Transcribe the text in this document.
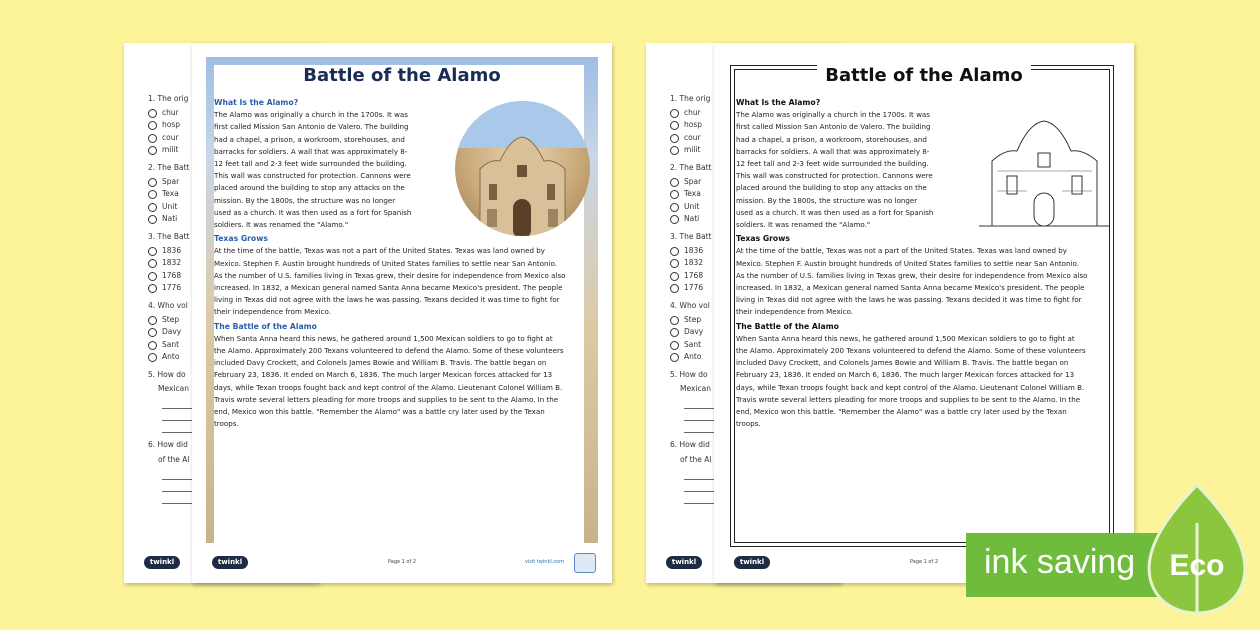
1. The orig
chur
hosp
cour
milit
2. The Batt
Spar
Texa
Unit
Nati
3. The Batt
1836
1832
1768
1776
4. Who vol
Step
Davy
Sant
Anto
5. How do
Mexican
6. How did
of the Al
twinkl
Battle of the Alamo
What Is the Alamo?

The Alamo was originally a church in the 1700s. It was first called Mission San Antonio de Valero. The building had a chapel, a prison, a workroom, storehouses, and barracks for soldiers. A wall that was approximately 8-12 feet tall and 2-3 feet wide surrounded the building. This wall was constructed for protection. Cannons were placed around the building to stop any attacks on the mission. By the 1800s, the structure was no longer used as a church. It was then used as a fort for Spanish soldiers. It was renamed the "Alamo."

Texas Grows

At the time of the battle, Texas was not a part of the United States. Texas was land owned by Mexico. Stephen F. Austin brought hundreds of United States families to settle near San Antonio. As the number of U.S. families living in Texas grew, their desire for independence from Mexico also increased. In 1832, a Mexican general named Santa Anna became Mexico's president. The people living in Texas did not agree with the laws he was passing. Texans decided it was time to fight for their independence from Mexico.

The Battle of the Alamo

When Santa Anna heard this news, he gathered around 1,500 Mexican soldiers to go to fight at the Alamo. Approximately 200 Texans volunteered to defend the Alamo. Some of these volunteers included Davy Crockett, and Colonels James Bowie and William B. Travis. The battle began on February 23, 1836. It ended on March 6, 1836. The much larger Mexican forces attacked for 13 days, while Texan troops fought back and kept control of the Alamo. Lieutenant Colonel William B. Travis wrote several letters pleading for more troops and supplies to be sent to the Alamo. In the end, Mexico won this battle. "Remember the Alamo" was a battle cry later used by the Texan troops.

twinkl	Page 1 of 2	visit twinkl.com
1. The orig
chur
hosp
cour
milit
2. The Batt
Spar
Texa
Unit
Nati
3. The Batt
1836
1832
1768
1776
4. Who vol
Step
Davy
Sant
Anto
5. How do
Mexican
6. How did
of the Al
twinkl
Battle of the Alamo
What Is the Alamo?

The Alamo was originally a church in the 1700s. It was first called Mission San Antonio de Valero. The building had a chapel, a prison, a workroom, storehouses, and barracks for soldiers. A wall that was approximately 8-12 feet tall and 2-3 feet wide surrounded the building. This wall was constructed for protection. Cannons were placed around the building to stop any attacks on the mission. By the 1800s, the structure was no longer used as a church. It was then used as a fort for Spanish soldiers. It was renamed the "Alamo."

Texas Grows

At the time of the battle, Texas was not a part of the United States. Texas was land owned by Mexico. Stephen F. Austin brought hundreds of United States families to settle near San Antonio. As the number of U.S. families living in Texas grew, their desire for independence from Mexico also increased. In 1832, a Mexican general named Santa Anna became Mexico's president. The people living in Texas did not agree with the laws he was passing. Texans decided it was time to fight for their independence from Mexico.

The Battle of the Alamo

When Santa Anna heard this news, he gathered around 1,500 Mexican soldiers to go to fight at the Alamo. Approximately 200 Texans volunteered to defend the Alamo. Some of these volunteers included Davy Crockett, and Colonels James Bowie and William B. Travis. The battle began on February 23, 1836. It ended on March 6, 1836. The much larger Mexican forces attacked for 13 days, while Texan troops fought back and kept control of the Alamo. Lieutenant Colonel William B. Travis wrote several letters pleading for more troops and supplies to be sent to the Alamo. In the end, Mexico won this battle. "Remember the Alamo" was a battle cry later used by the Texan troops.

twinkl	Page 1 of 2	ink saving Eco
